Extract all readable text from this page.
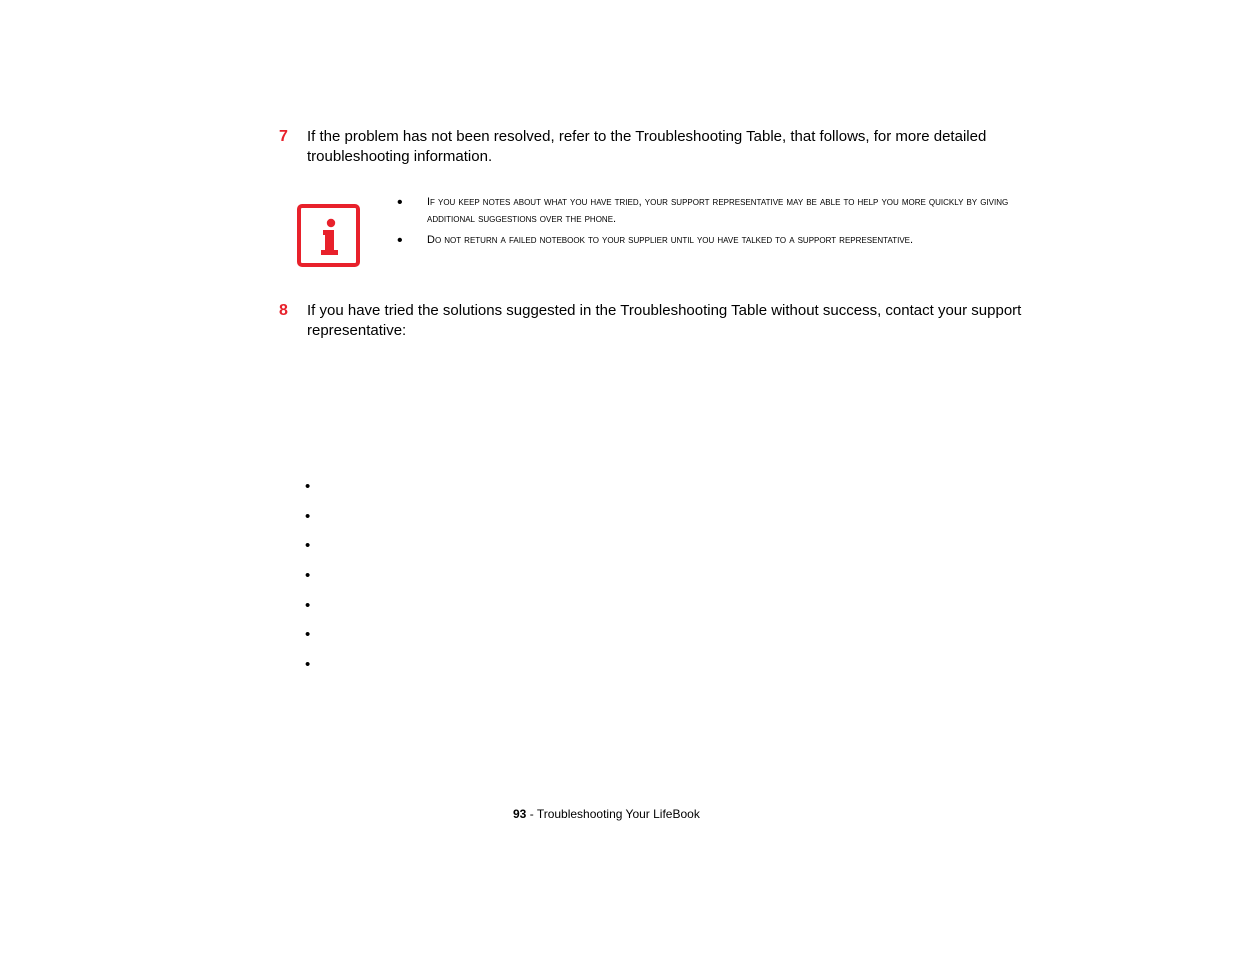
7 If the problem has not been resolved, refer to the Troubleshooting Table, that follows, for more detailed troubleshooting information.
• If you keep notes about what you have tried, your support representative may be able to help you more quickly by giving additional suggestions over the phone.
• Do not return a failed notebook to your supplier until you have talked to a support representative.
8 If you have tried the solutions suggested in the Troubleshooting Table without success, contact your support representative:
•
•
•
•
•
•
•
93 - Troubleshooting Your LifeBook
